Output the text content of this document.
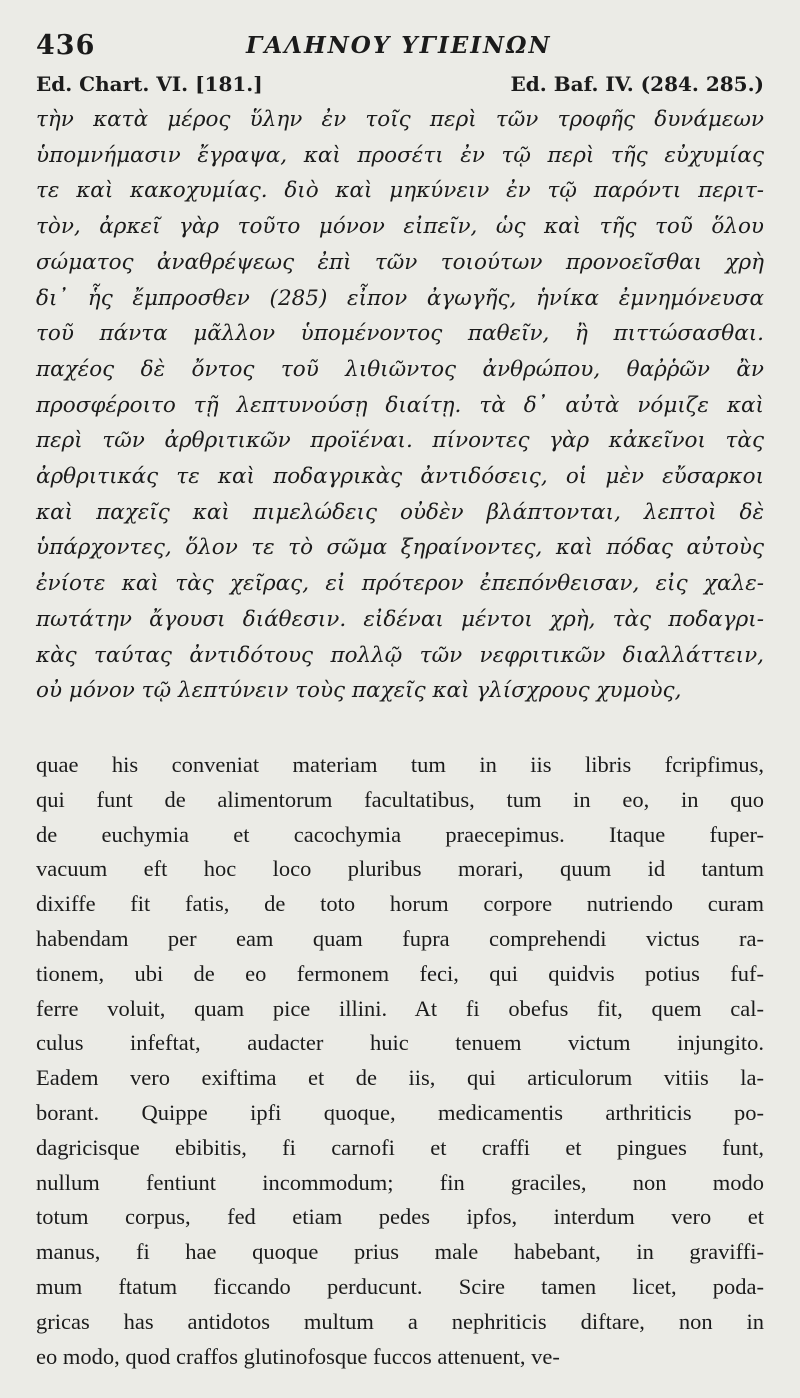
436	ΓΑΛΗΝΟΥ ΥΓΙΕΙΝΩΝ
Ed. Chart. VI. [181.]	Ed. Baf. IV. (284. 285.)
τὴν κατὰ μέρος ὕλην ἐν τοῖς περὶ τῶν τροφῆς δυνάμεων
ὑπομνήμασιν ἔγραψα, καὶ προσέτι ἐν τῷ περὶ τῆς εὐχυμίας
τε καὶ κακοχυμίας. διὸ καὶ μηκύνειν ἐν τῷ παρόντι περιτ-
τὸν, ἀρκεῖ γὰρ τοῦτο μόνον εἰπεῖν, ὡς καὶ τῆς τοῦ ὅλου
σώματος ἀναθρέψεως ἐπὶ τῶν τοιούτων προνοεῖσθαι χρὴ
δι᾽ ἧς ἔμπροσθεν (285) εἶπον ἀγωγῆς, ἡνίκα ἐμνημόνευσα
τοῦ πάντα μᾶλλον ὑπομένοντος παθεῖν, ἢ πιττώσασθαι.
παχέος δὲ ὄντος τοῦ λιθιῶντος ἀνθρώπου, θαῤῥῶν ἂν
προσφέροιτο τῇ λεπτυνούσῃ διαίτῃ. τὰ δ᾽ αὐτὰ νόμιζε καὶ
περὶ τῶν ἀρθριτικῶν προϊέναι. πίνοντες γὰρ κἀκεῖνοι τὰς
ἀρθριτικάς τε καὶ ποδαγρικὰς ἀντιδόσεις, οἱ μὲν εὔσαρκοι
καὶ παχεῖς καὶ πιμελώδεις οὐδὲν βλάπτονται, λεπτοὶ δὲ
ὑπάρχοντες, ὅλον τε τὸ σῶμα ξηραίνοντες, καὶ πόδας αὐτοὺς
ἐνίοτε καὶ τὰς χεῖρας, εἰ πρότερον ἐπεπόνθεισαν, εἰς χαλε-
πωτάτην ἄγουσι διάθεσιν. εἰδέναι μέντοι χρὴ, τὰς ποδαγρι-
κὰς ταύτας ἀντιδότους πολλῷ τῶν νεφριτικῶν διαλλάττειν,
οὐ μόνον τῷ λεπτύνειν τοὺς παχεῖς καὶ γλίσχρους χυμοὺς,
quae his conveniat materiam tum in iis libris fcripfimus,
qui funt de alimentorum facultatibus, tum in eo, in quo
de euchymia et cacochymia praecepimus. Itaque fuper-
vacuum eft hoc loco pluribus morari, quum id tantum
dixiffe fit fatis, de toto horum corpore nutriendo curam
habendam per eam quam fupra comprehendi victus ra-
tionem, ubi de eo fermonem feci, qui quidvis potius fuf-
ferre voluit, quam pice illini. At fi obefus fit, quem cal-
culus infeftat, audacter huic tenuem victum injungito.
Eadem vero exiftima et de iis, qui articulorum vitiis la-
borant. Quippe ipfi quoque, medicamentis arthriticis po-
dagricisque ebibitis, fi carnofi et craffi et pingues funt,
nullum fentiunt incommodum; fin graciles, non modo
totum corpus, fed etiam pedes ipfos, interdum vero et
manus, fi hae quoque prius male habebant, in graviffi-
mum ftatum ficcando perducunt. Scire tamen licet, poda-
gricas has antidotos multum a nephriticis diftare, non in
eo modo, quod craffos glutinofosque fuccos attenuent, ve-
